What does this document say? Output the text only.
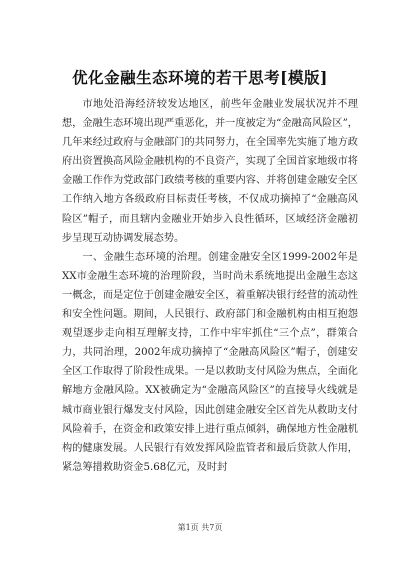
优化金融生态环境的若干思考[模版]

市地处沿海经济较发达地区，前些年金融业发展状况并不理想，金融生态环境出现严重恶化，并一度被定为“金融高风险区”，几年来经过政府与金融部门的共同努力，在全国率先实施了地方政府出资置换高风险金融机构的不良资产，实现了全国首家地级市将金融工作作为党政部门政绩考核的重要内容、并将创建金融安全区工作纳入地方各级政府目标责任考核，不仅成功摘掉了“金融高风险区”帽子，而且辖内金融业开始步入良性循环，区域经济金融初步呈现互动协调发展态势。

一、金融生态环境的治理。创建金融安全区1999-2002年是XX市金融生态环境的治理阶段，当时尚未系统地提出金融生态这一概念，而是定位于创建金融安全区，着重解决银行经营的流动性和安全性问题。期间，人民银行、政府部门和金融机构由相互抱怨观望逐步走向相互理解支持，工作中牢牢抓住“三个点”，群策合力，共同治理，2002年成功摘掉了“金融高风险区”帽子，创建安全区工作取得了阶段性成果。一是以救助支付风险为焦点，全面化解地方金融风险。XX被确定为“金融高风险区”的直接导火线就是城市商业银行爆发支付风险，因此创建金融安全区首先从救助支付风险着手，在资金和政策安排上进行重点倾斜，确保地方性金融机构的健康发展。人民银行有效发挥风险监管者和最后贷款人作用，紧急筹措救助资金5.68亿元，及时封

第1页 共7页
